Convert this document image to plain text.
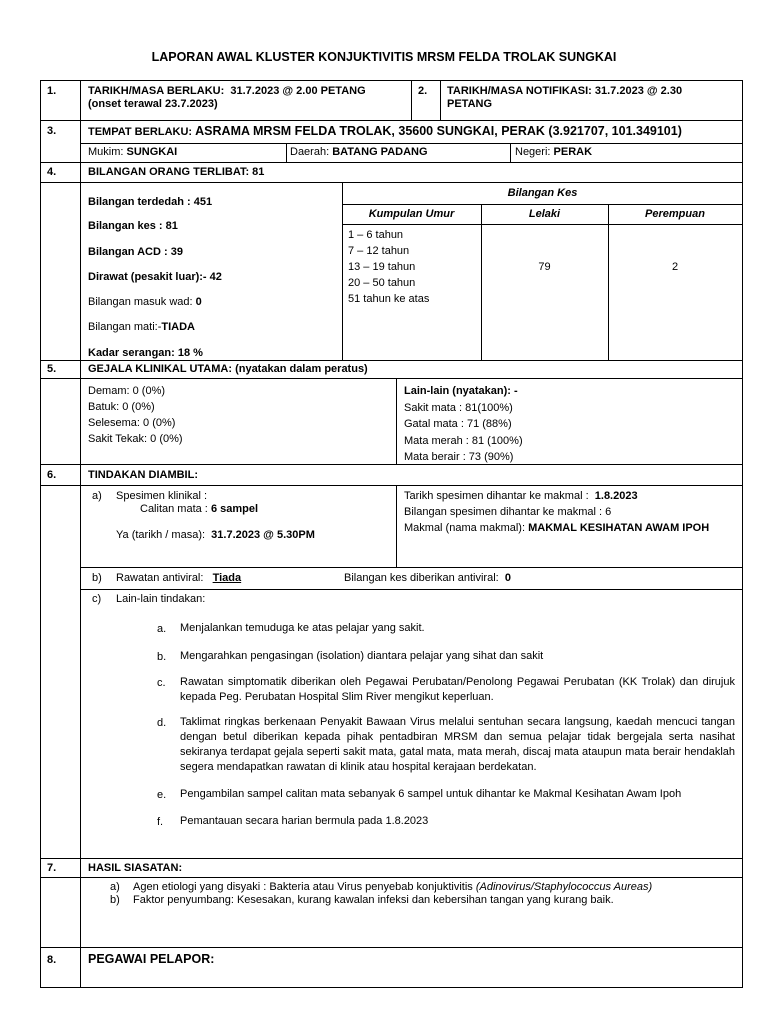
LAPORAN AWAL KLUSTER KONJUKTIVITIS MRSM FELDA TROLAK SUNGKAI
1.	TARIKH/MASA BERLAKU: 31.7.2023 @ 2.00 PETANG
(onset terawal 23.7.2023)
2. TARIKH/MASA NOTIFIKASI: 31.7.2023 @ 2.30
PETANG
3.	TEMPAT BERLAKU: ASRAMA MRSM FELDA TROLAK, 35600 SUNGKAI, PERAK (3.921707, 101.349101)
Mukim: SUNGKAI	Daerah: BATANG PADANG	Negeri: PERAK
4.	BILANGAN ORANG TERLIBAT: 81
Bilangan terdedah : 451
Bilangan kes : 81
Bilangan ACD : 39
Dirawat (pesakit luar):- 42
Bilangan masuk wad: 0
Bilangan mati:-TIADA
Kadar serangan: 18 %
Bilangan Kes
Kumpulan Umur	Lelaki	Perempuan
1 – 6 tahun
7 – 12 tahun
13 – 19 tahun
20 – 50 tahun
51 tahun ke atas
79	2
5.	GEJALA KLINIKAL UTAMA: (nyatakan dalam peratus)
Demam: 0 (0%)
Batuk: 0 (0%)
Selesema: 0 (0%)
Sakit Tekak: 0 (0%)
Lain-lain (nyatakan): -
Sakit mata : 81(100%)
Gatal mata : 71 (88%)
Mata merah : 81 (100%)
Mata berair : 73 (90%)
6.	TINDAKAN DIAMBIL:
a) Spesimen klinikal :
Calitan mata : 6 sampel
Ya (tarikh / masa): 31.7.2023 @ 5.30PM
Tarikh spesimen dihantar ke makmal : 1.8.2023
Bilangan spesimen dihantar ke makmal : 6
Makmal (nama makmal): MAKMAL KESIHATAN AWAM IPOH
b) Rawatan antiviral: Tiada	Bilangan kes diberikan antiviral: 0
c) Lain-lain tindakan:
a. Menjalankan temuduga ke atas pelajar yang sakit.
b. Mengarahkan pengasingan (isolation) diantara pelajar yang sihat dan sakit
c. Rawatan simptomatik diberikan oleh Pegawai Perubatan/Penolong Pegawai Perubatan (KK Trolak) dan dirujuk kepada Peg. Perubatan Hospital Slim River mengikut keperluan.
d. Taklimat ringkas berkenaan Penyakit Bawaan Virus melalui sentuhan secara langsung, kaedah mencuci tangan dengan betul diberikan kepada pihak pentadbiran MRSM dan semua pelajar tidak bergejala serta nasihat sekiranya terdapat gejala seperti sakit mata, gatal mata, mata merah, discaj mata ataupun mata berair hendaklah segera mendapatkan rawatan di klinik atau hospital kerajaan berdekatan.
e. Pengambilan sampel calitan mata sebanyak 6 sampel untuk dihantar ke Makmal Kesihatan Awam Ipoh
f. Pemantauan secara harian bermula pada 1.8.2023
7.	HASIL SIASATAN:
a) Agen etiologi yang disyaki : Bakteria atau Virus penyebab konjuktivitis (Adinovirus/Staphylococcus Aureas)
b) Faktor penyumbang: Kesesakan, kurang kawalan infeksi dan kebersihan tangan yang kurang baik.
8.	PEGAWAI PELAPOR:
